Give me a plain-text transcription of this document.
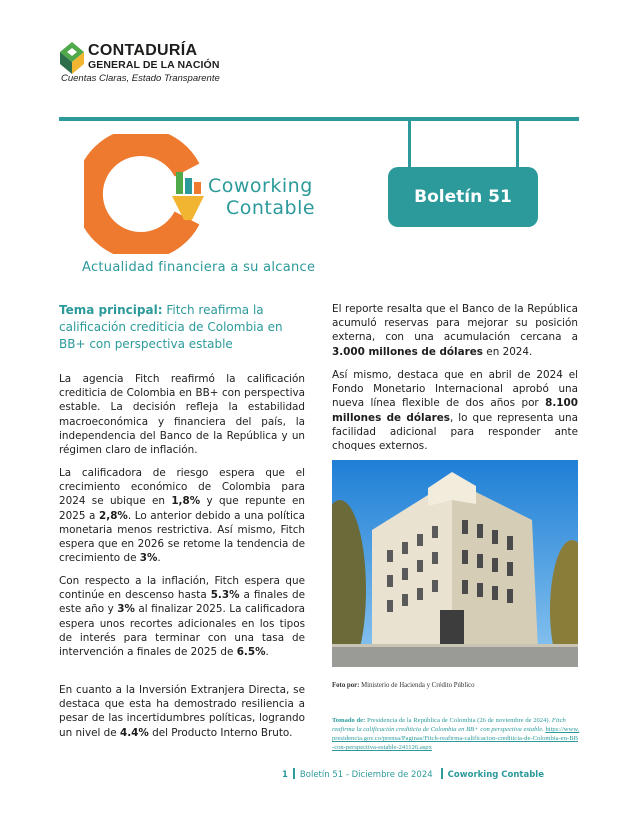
CONTADURÍA
GENERAL DE LA NACIÓN
Cuentas Claras, Estado Transparente
Boletín 51
Coworking
Contable
Actualidad financiera a su alcance
Tema principal: Fitch reafirma la calificación crediticia de Colombia en BB+ con perspectiva estable

La agencia Fitch reafirmó la calificación crediticia de Colombia en BB+ con perspectiva estable. La decisión refleja la estabilidad macroeconómica y financiera del país, la independencia del Banco de la República y un régimen claro de inflación.

La calificadora de riesgo espera que el crecimiento económico de Colombia para 2024 se ubique en 1,8% y que repunte en 2025 a 2,8%. Lo anterior debido a una política monetaria menos restrictiva. Así mismo, Fitch espera que en 2026 se retome la tendencia de crecimiento de 3%.

Con respecto a la inflación, Fitch espera que continúe en descenso hasta 5.3% a finales de este año y 3% al finalizar 2025. La calificadora espera unos recortes adicionales en los tipos de interés para terminar con una tasa de intervención a finales de 2025 de 6.5%.

En cuanto a la Inversión Extranjera Directa, se destaca que esta ha demostrado resiliencia a pesar de las incertidumbres políticas, logrando un nivel de 4.4% del Producto Interno Bruto.

El reporte resalta que el Banco de la República acumuló reservas para mejorar su posición externa, con una acumulación cercana a 3.000 millones de dólares en 2024.

Así mismo, destaca que en abril de 2024 el Fondo Monetario Internacional aprobó una nueva línea flexible de dos años por 8.100 millones de dólares, lo que representa una facilidad adicional para responder ante choques externos.

Foto por: Ministerio de Hacienda y Crédito Público
Tomado de: Presidencia de la República de Colombia (26 de noviembre de 2024). Fitch reafirma la calificación crediticia de Colombia en BB+ con perspectiva estable. https://www.presidencia.gov.co/prensa/Paginas/Fitch-reafirma-calificacion-crediticia-de-Colombia-en-BB-con-perspectiva-estable-241126.aspx
1 Boletín 51 - Diciembre de 2024 Coworking Contable
